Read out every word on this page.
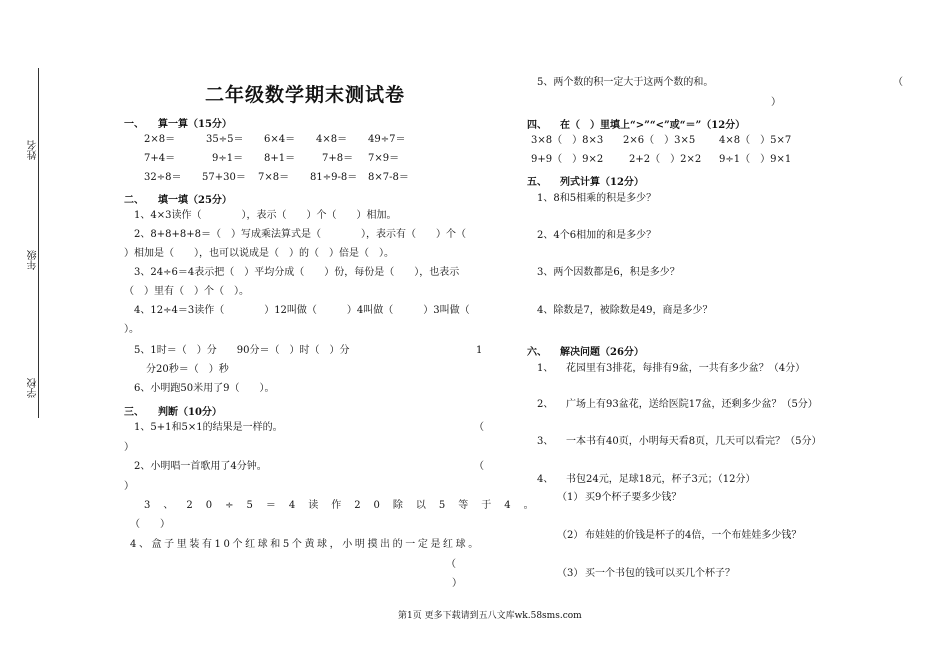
姓名
年级
学校
二年级数学期末测试卷
一、 算一算（15分）
2×8＝	35÷5＝ 6×4＝ 4×8＝ 49÷7＝
7+4＝	9÷1＝ 8+1＝	7+8＝ 7×9＝
32÷8＝ 57+30＝ 7×8＝ 81÷9-8＝ 8×7-8＝
二、 填一填（25分）
1、4×3读作（　　　　），表示（　　）个（　　）相加。
2、8+8+8+8＝（　）写成乘法算式是（　　　　），表示有（　　）个（
）相加是（　　），也可以说成是（　）的（　）倍是（　）。
3、24÷6＝4表示把（　）平均分成（　　）份，每份是（　　），也表示
（　）里有（　）个（　）。
4、12÷4＝3读作（　　　　）12叫做（　　　）4叫做（　　　）3叫做（
）。
5、1时＝（　）分　　90分＝（　）时（　）分	1
分20秒＝（　）秒
6、小明跑50米用了9（　　）。
三、 判断（10分）
1、5+1和5×1的结果是一样的。	（
）
2、小明唱一首歌用了4分钟。	（
）
3、20÷5＝4读作20除以5等于4。
（　　）
4、盒子里装有10个红球和5个黄球，小明摸出的一定是红球。
（
）
5、两个数的积一定大于这两个数的和。	（
）
四、 在（　）里填上“>”“<”或“＝”（12分）
3×8（　）8×3 2×6（　）3×5 4×8（　）5×7
9+9（　）9×2	2+2（　）2×2 9÷1（　）9×1
五、 列式计算（12分）
1、8和5相乘的积是多少？
2、4个6相加的和是多少？
3、两个因数都是6，积是多少？
4、除数是7，被除数是49，商是多少？
六、 解决问题（26分）
1、 花园里有3排花，每排有9盆，一共有多少盆？（4分）
2、 广场上有93盆花，送给医院17盆，还剩多少盆？（5分）
3、 一本书有40页，小明每天看8页，几天可以看完？（5分）
4、 书包24元，足球18元，杯子3元；（12分）
（1） 买9个杯子要多少钱？
（2） 布娃娃的价钱是杯子的4倍，一个布娃娃多少钱？
（3） 买一个书包的钱可以买几个杯子？
第1页 更多下载请到五八文库wk.58sms.com
